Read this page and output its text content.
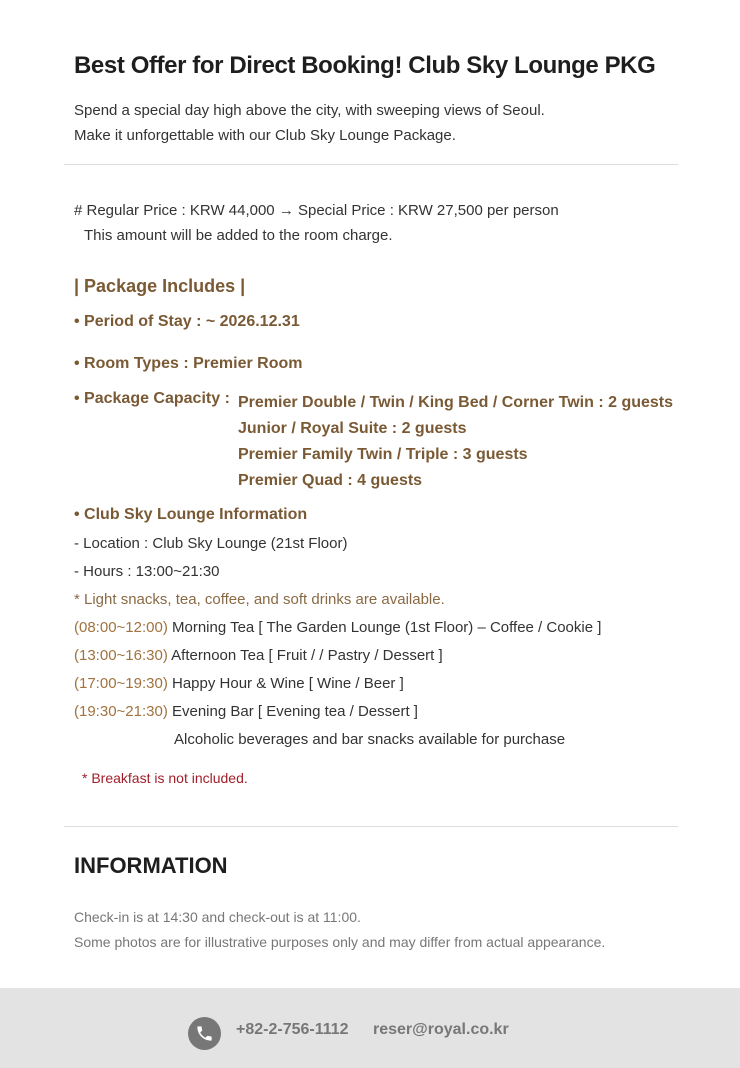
Best Offer for Direct Booking! Club Sky Lounge PKG
Spend a special day high above the city, with sweeping views of Seoul.
Make it unforgettable with our Club Sky Lounge Package.
# Regular Price : KRW 44,000 → Special Price : KRW 27,500 per person
This amount will be added to the room charge.
| Package Includes |
• Period of Stay : ~ 2026.12.31
• Room Types : Premier Room
• Package Capacity : Premier Double / Twin / King Bed / Corner Twin : 2 guests
Junior / Royal Suite : 2 guests
Premier Family Twin / Triple : 3 guests
Premier Quad : 4 guests
• Club Sky Lounge Information
- Location : Club Sky Lounge (21st Floor)
- Hours : 13:00~21:30
* Light snacks, tea, coffee, and soft drinks are available.
(08:00~12:00) Morning Tea [ The Garden Lounge (1st Floor) – Coffee / Cookie ]
(13:00~16:30) Afternoon Tea [ Fruit / / Pastry / Dessert ]
(17:00~19:30) Happy Hour & Wine [ Wine / Beer ]
(19:30~21:30) Evening Bar [ Evening tea / Dessert ]
Alcoholic beverages and bar snacks available for purchase
* Breakfast is not included.
INFORMATION
Check-in is at 14:30 and check-out is at 11:00.
Some photos are for illustrative purposes only and may differ from actual appearance.
+82-2-756-1112 reser@royal.co.kr
